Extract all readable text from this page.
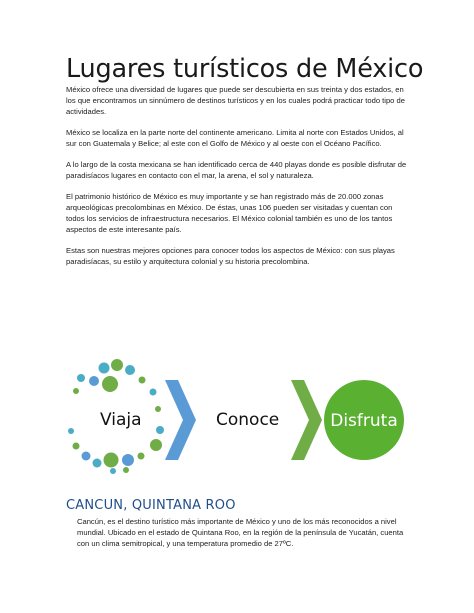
Lugares turísticos de México

México ofrece una diversidad de lugares que puede ser descubierta en sus treinta y dos estados, en los que encontramos un sinnúmero de destinos turísticos y en los cuales podrá practicar todo tipo de actividades.

México se localiza en la parte norte del continente americano. Limita al norte con Estados Unidos, al sur con Guatemala y Belice; al este con el Golfo de México y al oeste con el Océano Pacífico.

A lo largo de la costa mexicana se han identificado cerca de 440 playas donde es posible disfrutar de paradisíacos lugares en contacto con el mar, la arena, el sol y naturaleza.

El patrimonio histórico de México es muy importante y se han registrado más de 20.000 zonas arqueológicas precolombinas en México. De éstas, unas 106 pueden ser visitadas y cuentan con todos los servicios de infraestructura necesarios. El México colonial también es uno de los tantos aspectos de este interesante país.

Estas son nuestras mejores opciones para conocer todos los aspectos de México: con sus playas paradisíacas, su estilo y arquitectura colonial y su historia precolombina.

Viaja	Conoce	Disfruta
CANCUN, QUINTANA ROO

Cancún, es el destino turístico más importante de México y uno de los más reconocidos a nivel mundial. Ubicado en el estado de Quintana Roo, en la región de la península de Yucatán, cuenta con un clima semitropical, y una temperatura promedio de 27ºC.
